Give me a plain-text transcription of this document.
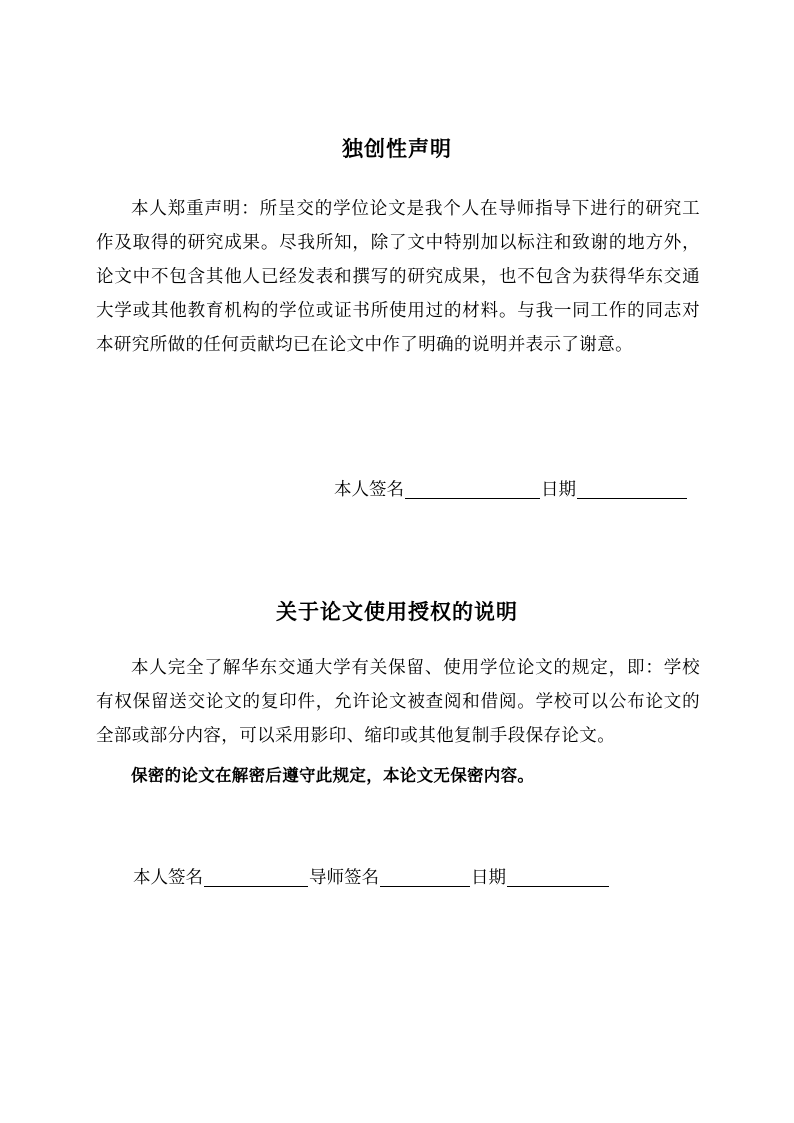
独创性声明

本人郑重声明：所呈交的学位论文是我个人在导师指导下进行的研究工作及取得的研究成果。尽我所知，除了文中特别加以标注和致谢的地方外，论文中不包含其他人已经发表和撰写的研究成果，也不包含为获得华东交通大学或其他教育机构的学位或证书所使用过的材料。与我一同工作的同志对本研究所做的任何贡献均已在论文中作了明确的说明并表示了谢意。

本人签名	日期
关于论文使用授权的说明

本人完全了解华东交通大学有关保留、使用学位论文的规定，即：学校有权保留送交论文的复印件，允许论文被查阅和借阅。学校可以公布论文的全部或部分内容，可以采用影印、缩印或其他复制手段保存论文。

保密的论文在解密后遵守此规定，本论文无保密内容。

本人签名	导师签名	日期
